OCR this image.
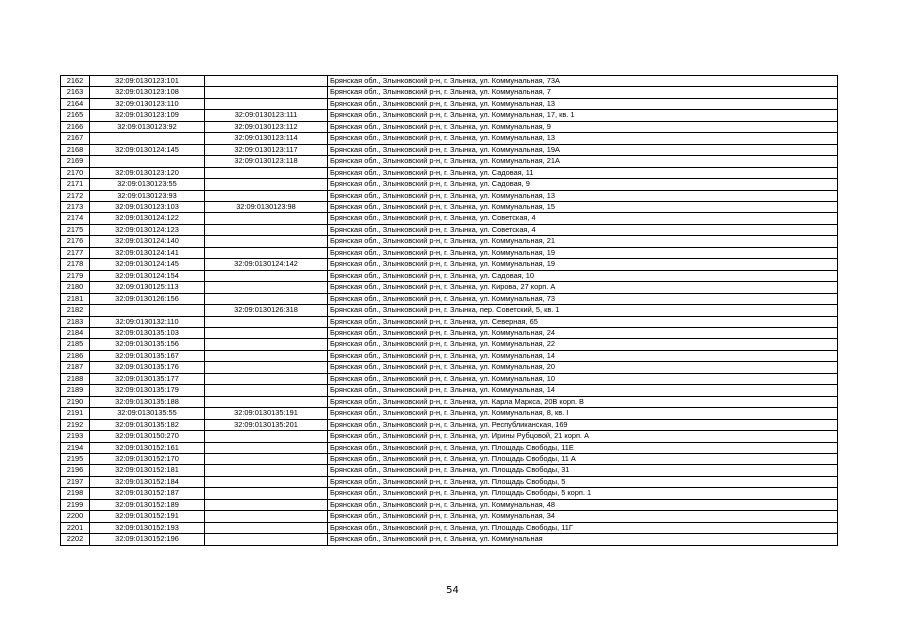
2162	32:09:0130123:101		Брянская обл., Злынковский р-н, г. Злынка, ул. Коммунальная, 73А
2163	32:09:0130123:108		Брянская обл., Злынковский р-н, г. Злынка, ул. Коммунальная, 7
2164	32:09:0130123:110		Брянская обл., Злынковский р-н, г. Злынка, ул. Коммунальная, 13
2165	32:09:0130123:109	32:09:0130123:111	Брянская обл., Злынковский р-н, г. Злынка, ул. Коммунальная, 17, кв. 1
2166	32:09:0130123:92	32:09:0130123:112	Брянская обл., Злынковский р-н, г. Злынка, ул. Коммунальная, 9
2167		32:09:0130123:114	Брянская обл., Злынковский р-н, г. Злынка, ул. Коммунальная, 13
2168	32:09:0130124:145	32:09:0130123:117	Брянская обл., Злынковский р-н, г. Злынка, ул. Коммунальная, 19А
2169		32:09:0130123:118	Брянская обл., Злынковский р-н, г. Злынка, ул. Коммунальная, 21А
2170	32:09:0130123:120		Брянская обл., Злынковский р-н, г. Злынка, ул. Садовая, 11
2171	32:09:0130123:55		Брянская обл., Злынковский р-н, г. Злынка, ул. Садовая, 9
2172	32:09:0130123:93		Брянская обл., Злынковский р-н, г. Злынка, ул. Коммунальная, 13
2173	32:09:0130123:103	32:09:0130123:98	Брянская обл., Злынковский р-н, г. Злынка, ул. Коммунальная, 15
2174	32:09:0130124:122		Брянская обл., Злынковский р-н, г. Злынка, ул. Советская, 4
2175	32:09:0130124:123		Брянская обл., Злынковский р-н, г. Злынка, ул. Советская, 4
2176	32:09:0130124:140		Брянская обл., Злынковский р-н, г. Злынка, ул. Коммунальная, 21
2177	32:09:0130124:141		Брянская обл., Злынковский р-н, г. Злынка, ул. Коммунальная, 19
2178	32:09:0130124:145	32:09:0130124:142	Брянская обл., Злынковский р-н, г. Злынка, ул. Коммунальная, 19
2179	32:09:0130124:154		Брянская обл., Злынковский р-н, г. Злынка, ул. Садовая, 10
2180	32:09:0130125:113		Брянская обл., Злынковский р-н, г. Злынка, ул. Кирова, 27 корп. А
2181	32:09:0130126:156		Брянская обл., Злынковский р-н, г. Злынка, ул. Коммунальная, 73
2182		32:09:0130126:318	Брянская обл., Злынковский р-н, г. Злынка, пер. Советский, 5, кв. 1
2183	32:09:0130132:110		Брянская обл., Злынковский р-н, г. Злынка, ул. Северная, 65
2184	32:09:0130135:103		Брянская обл., Злынковский р-н, г. Злынка, ул. Коммунальная, 24
2185	32:09:0130135:156		Брянская обл., Злынковский р-н, г. Злынка, ул. Коммунальная, 22
2186	32:09:0130135:167		Брянская обл., Злынковский р-н, г. Злынка, ул. Коммунальная, 14
2187	32:09:0130135:176		Брянская обл., Злынковский р-н, г. Злынка, ул. Коммунальная, 20
2188	32:09:0130135:177		Брянская обл., Злынковский р-н, г. Злынка, ул. Коммунальная, 10
2189	32:09:0130135:179		Брянская обл., Злынковский р-н, г. Злынка, ул. Коммунальная, 14
2190	32:09:0130135:188		Брянская обл., Злынковский р-н, г. Злынка, ул. Карла Маркса, 20В корп. В
2191	32:09:0130135:55	32:09:0130135:191	Брянская обл., Злынковский р-н, г. Злынка, ул. Коммунальная, 8, кв. I
2192	32:09:0130135:182	32:09:0130135:201	Брянская обл., Злынковский р-н, г. Злынка, ул. Республиканская, 169
2193	32:09:0130150:270		Брянская обл., Злынковский р-н, г. Злынка, ул. Ирины Рубцовой, 21 корп. А
2194	32:09:0130152:161		Брянская обл., Злынковский р-н, г. Злынка, ул. Площадь Свободы, 11Е
2195	32:09:0130152:170		Брянская обл., Злынковский р-н, г. Злынка, ул. Площадь Свободы, 11 А
2196	32:09:0130152:181		Брянская обл., Злынковский р-н, г. Злынка, ул. Площадь Свободы, 31
2197	32:09:0130152:184		Брянская обл., Злынковский р-н, г. Злынка, ул. Площадь Свободы, 5
2198	32:09:0130152:187		Брянская обл., Злынковский р-н, г. Злынка, ул. Площадь Свободы, 5 корп. 1
2199	32:09:0130152:189		Брянская обл., Злынковский р-н, г. Злынка, ул. Коммунальная, 48
2200	32:09:0130152:191		Брянская обл., Злынковский р-н, г. Злынка, ул. Коммунальная, 34
2201	32:09:0130152:193		Брянская обл., Злынковский р-н, г. Злынка, ул. Площадь Свободы, 11Г
2202	32:09:0130152:196		Брянская обл., Злынковский р-н, г. Злынка, ул. Коммунальная
54
